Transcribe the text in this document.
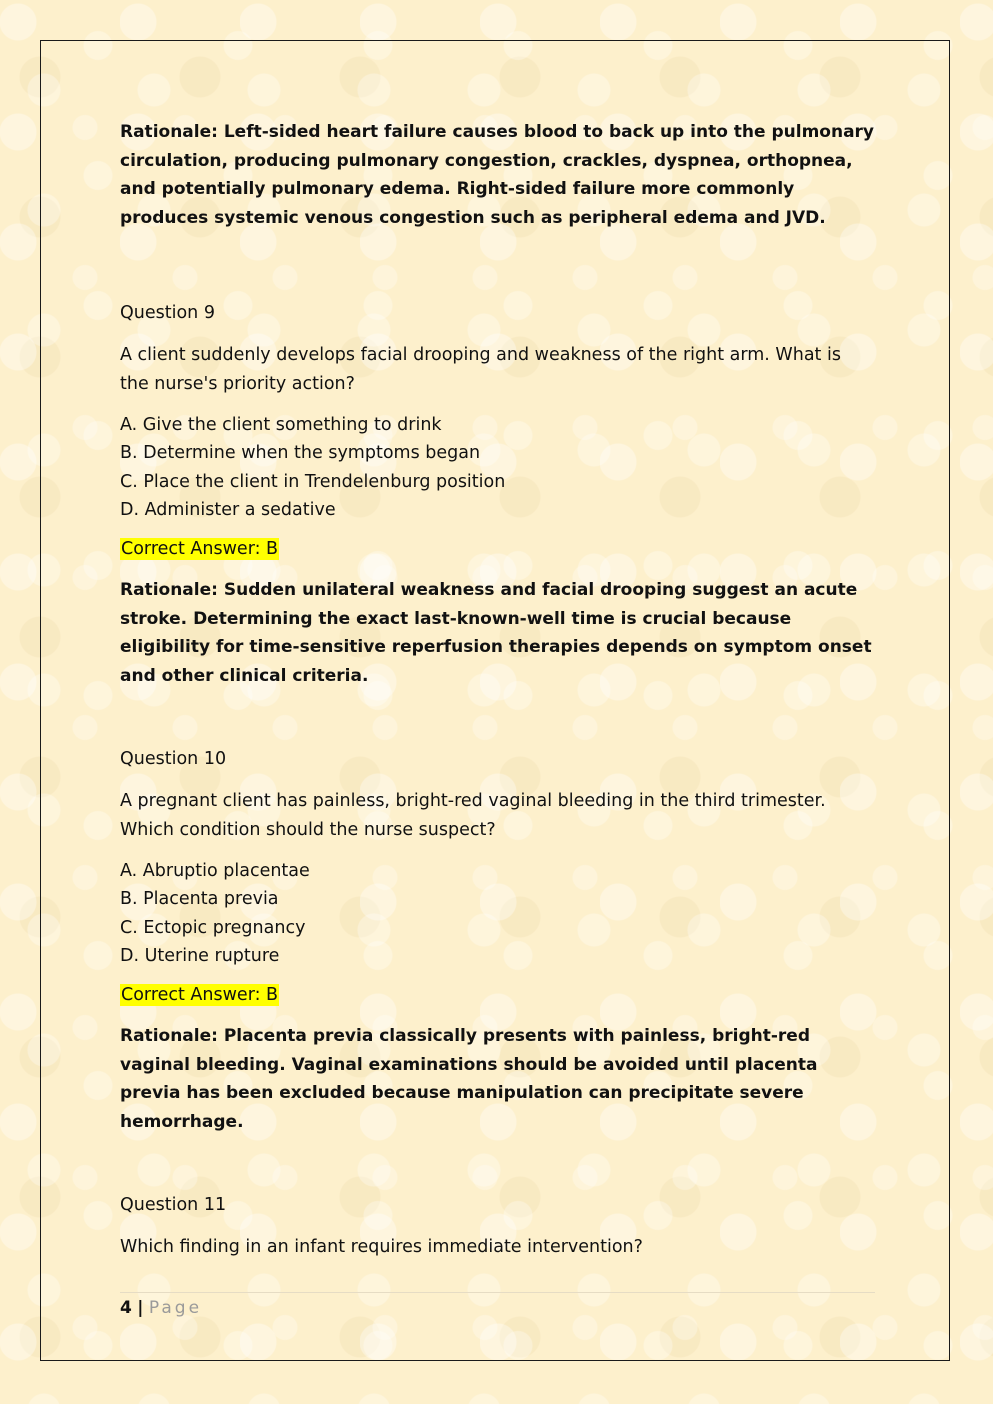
Rationale: Left-sided heart failure causes blood to back up into the pulmonary circulation, producing pulmonary congestion, crackles, dyspnea, orthopnea, and potentially pulmonary edema. Right-sided failure more commonly produces systemic venous congestion such as peripheral edema and JVD.

Question 9

A client suddenly develops facial drooping and weakness of the right arm. What is the nurse's priority action?

A. Give the client something to drink
B. Determine when the symptoms began
C. Place the client in Trendelenburg position
D. Administer a sedative
Correct Answer: B

Rationale: Sudden unilateral weakness and facial drooping suggest an acute stroke. Determining the exact last-known-well time is crucial because eligibility for time-sensitive reperfusion therapies depends on symptom onset and other clinical criteria.

Question 10

A pregnant client has painless, bright-red vaginal bleeding in the third trimester. Which condition should the nurse suspect?

A. Abruptio placentae
B. Placenta previa
C. Ectopic pregnancy
D. Uterine rupture
Correct Answer: B

Rationale: Placenta previa classically presents with painless, bright-red vaginal bleeding. Vaginal examinations should be avoided until placenta previa has been excluded because manipulation can precipitate severe hemorrhage.

Question 11

Which finding in an infant requires immediate intervention?

4 | Page
